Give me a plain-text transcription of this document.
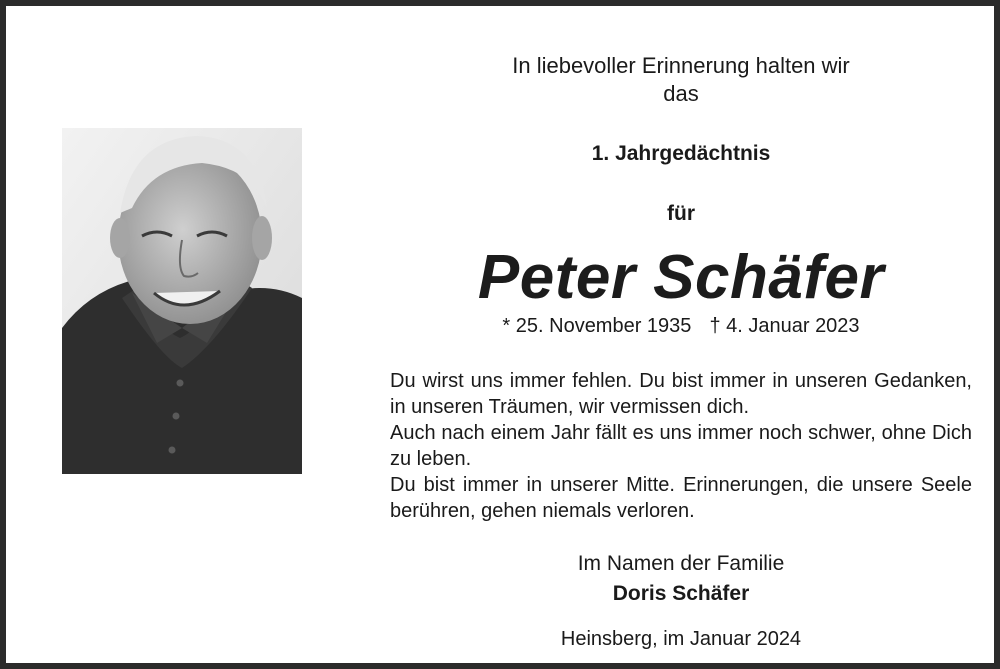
In liebevoller Erinnerung halten wir
das
1. Jahrgedächtnis
für
Peter Schäfer
* 25. November 1935 † 4. Januar 2023

Du wirst uns immer fehlen. Du bist immer in unseren Gedanken, in unseren Träumen, wir vermissen dich.

Auch nach einem Jahr fällt es uns immer noch schwer, ohne Dich zu leben.

Du bist immer in unserer Mitte. Erinnerungen, die unsere Seele berühren, gehen niemals verloren.

Im Namen der Familie
Doris Schäfer
Heinsberg, im Januar 2024
